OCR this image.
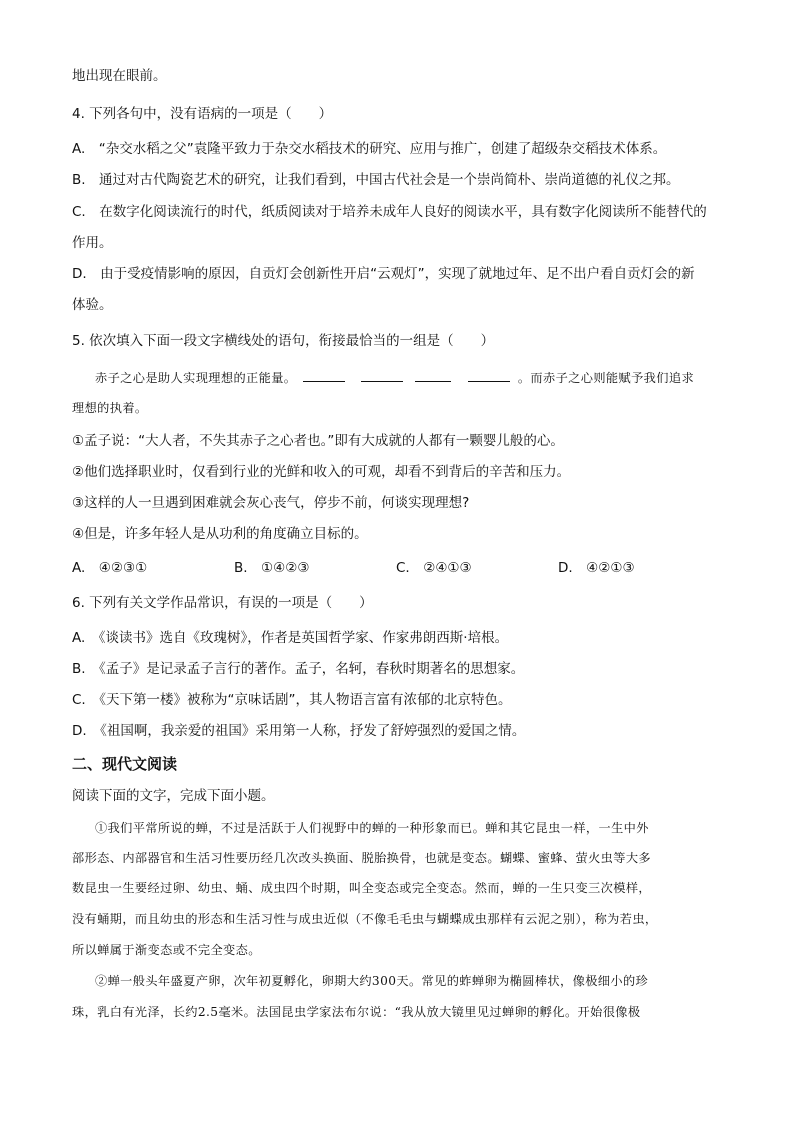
地出现在眼前。
4. 下列各句中，没有语病的一项是（　　）
A.　“杂交水稻之父”袁隆平致力于杂交水稻技术的研究、应用与推广，创建了超级杂交稻技术体系。
B.　通过对古代陶瓷艺术的研究，让我们看到，中国古代社会是一个崇尚简朴、崇尚道德的礼仪之邦。
C.　在数字化阅读流行的时代，纸质阅读对于培养未成年人良好的阅读水平，具有数字化阅读所不能替代的
作用。
D.　由于受疫情影响的原因，自贡灯会创新性开启“云观灯”，实现了就地过年、足不出户看自贡灯会的新
体验。
5. 依次填入下面一段文字横线处的语句，衔接最恰当的一组是（　　）
赤子之心是助人实现理想的正能量。	。而赤子之心则能赋予我们追求
理想的执着。
①孟子说：“大人者，不失其赤子之心者也。”即有大成就的人都有一颗婴儿般的心。
②他们选择职业时，仅看到行业的光鲜和收入的可观，却看不到背后的辛苦和压力。
③这样的人一旦遇到困难就会灰心丧气，停步不前，何谈实现理想?
④但是，许多年轻人是从功利的角度确立目标的。
A.　④②③①	B.　①④②③	C.　②④①③	D.　④②①③
6. 下列有关文学作品常识，有误的一项是（　　）
A.　《谈读书》选自《玫瑰树》，作者是英国哲学家、作家弗朗西斯·培根。
B.　《孟子》是记录孟子言行的著作。孟子，名轲，春秋时期著名的思想家。
C.　《天下第一楼》被称为“京味话剧”，其人物语言富有浓郁的北京特色。
D.　《祖国啊，我亲爱的祖国》采用第一人称，抒发了舒婷强烈的爱国之情。
二、现代文阅读
阅读下面的文字，完成下面小题。
①我们平常所说的蝉，不过是活跃于人们视野中的蝉的一种形象而已。蝉和其它昆虫一样，一生中外
部形态、内部器官和生活习性要历经几次改头换面、脱胎换骨，也就是变态。蝴蝶、蜜蜂、萤火虫等大多
数昆虫一生要经过卵、幼虫、蛹、成虫四个时期，叫全变态或完全变态。然而，蝉的一生只变三次模样，
没有蛹期，而且幼虫的形态和生活习性与成虫近似（不像毛毛虫与蝴蝶成虫那样有云泥之别），称为若虫，
所以蝉属于渐变态或不完全变态。
②蝉一般头年盛夏产卵，次年初夏孵化，卵期大约300天。常见的蚱蝉卵为椭圆棒状，像极细小的珍
珠，乳白有光泽，长约2.5毫米。法国昆虫学家法布尔说：“我从放大镜里见过蝉卵的孵化。开始很像极
